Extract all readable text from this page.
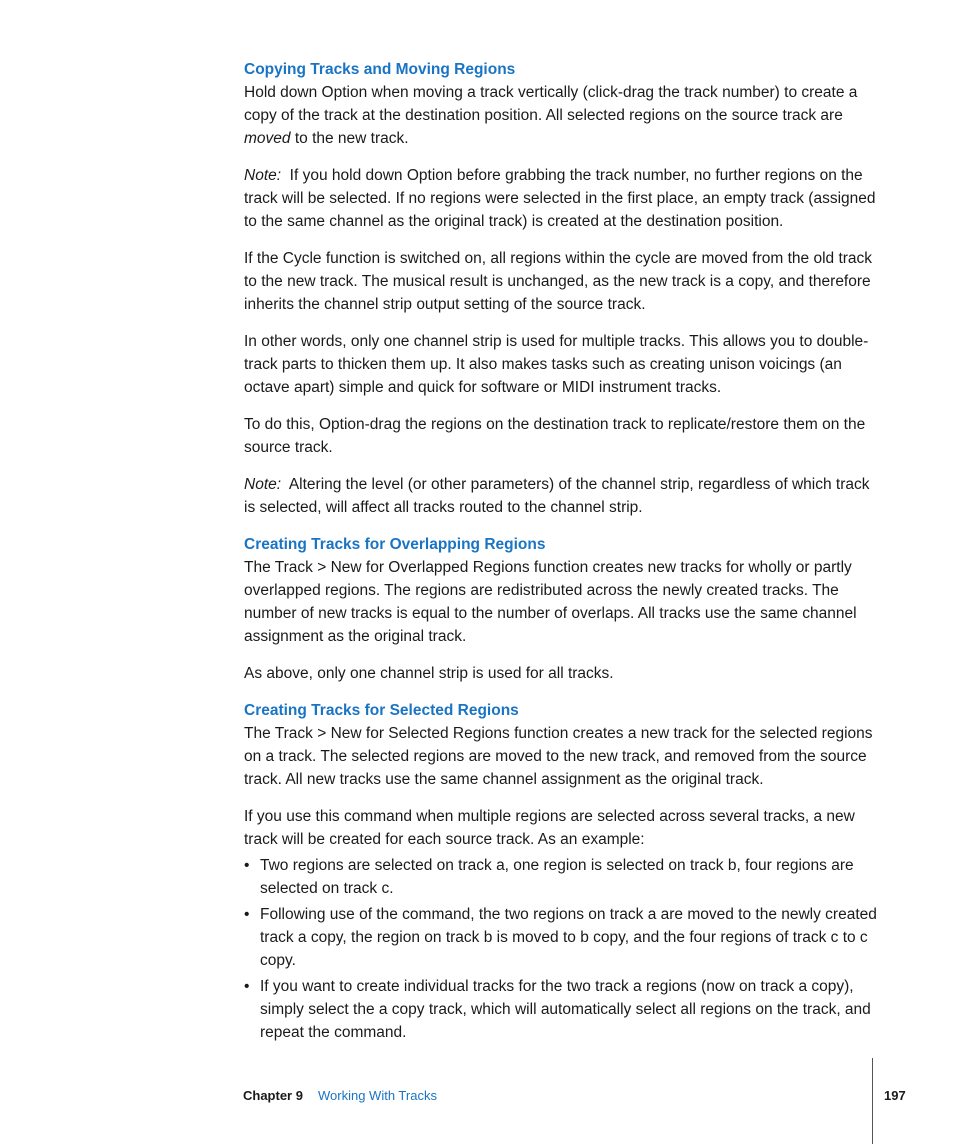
Copying Tracks and Moving Regions

Hold down Option when moving a track vertically (click-drag the track number) to create a copy of the track at the destination position. All selected regions on the source track are moved to the new track.

Note:  If you hold down Option before grabbing the track number, no further regions on the track will be selected. If no regions were selected in the first place, an empty track (assigned to the same channel as the original track) is created at the destination position.

If the Cycle function is switched on, all regions within the cycle are moved from the old track to the new track. The musical result is unchanged, as the new track is a copy, and therefore inherits the channel strip output setting of the source track.

In other words, only one channel strip is used for multiple tracks. This allows you to double-track parts to thicken them up. It also makes tasks such as creating unison voicings (an octave apart) simple and quick for software or MIDI instrument tracks.

To do this, Option-drag the regions on the destination track to replicate/restore them on the source track.

Note:  Altering the level (or other parameters) of the channel strip, regardless of which track is selected, will affect all tracks routed to the channel strip.

Creating Tracks for Overlapping Regions

The Track > New for Overlapped Regions function creates new tracks for wholly or partly overlapped regions. The regions are redistributed across the newly created tracks. The number of new tracks is equal to the number of overlaps. All tracks use the same channel assignment as the original track.

As above, only one channel strip is used for all tracks.

Creating Tracks for Selected Regions

The Track > New for Selected Regions function creates a new track for the selected regions on a track. The selected regions are moved to the new track, and removed from the source track. All new tracks use the same channel assignment as the original track.

If you use this command when multiple regions are selected across several tracks, a new track will be created for each source track. As an example:

• Two regions are selected on track a, one region is selected on track b, four regions are selected on track c.
• Following use of the command, the two regions on track a are moved to the newly created track a copy, the region on track b is moved to b copy, and the four regions of track c to c copy.
• If you want to create individual tracks for the two track a regions (now on track a copy), simply select the a copy track, which will automatically select all regions on the track, and repeat the command.
Chapter 9 Working With Tracks	197
